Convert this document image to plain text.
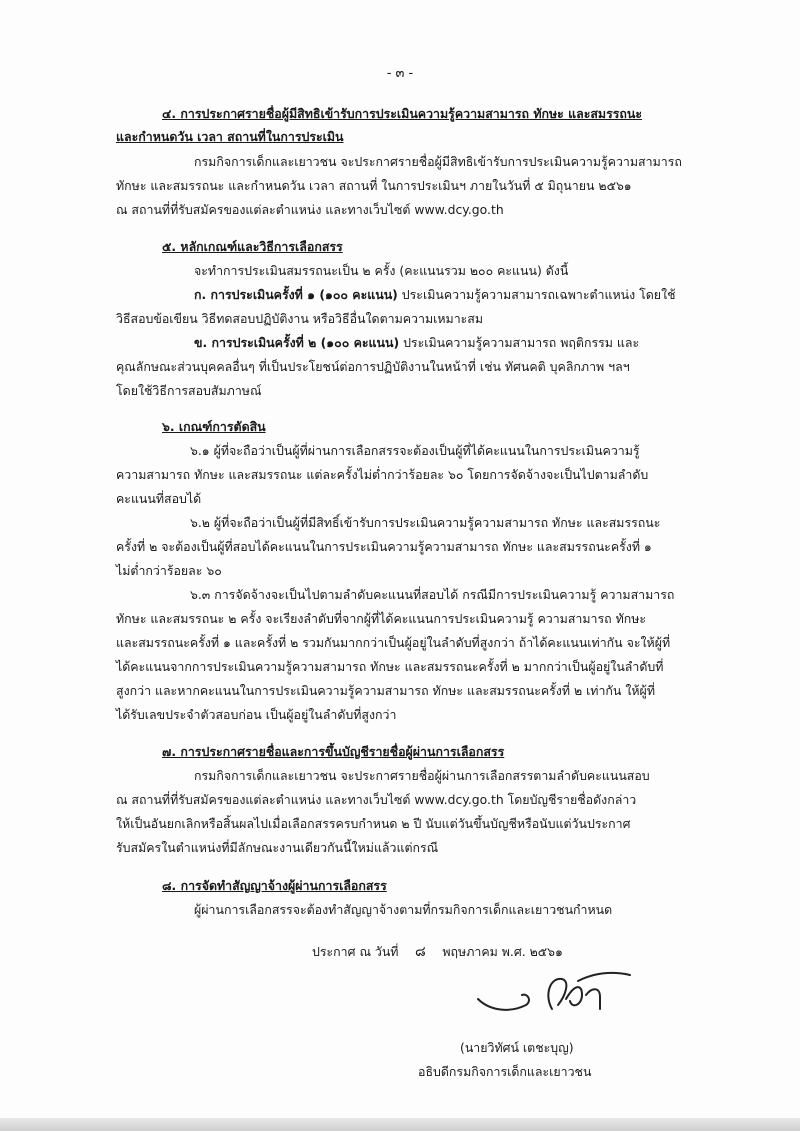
- ๓ -
๔. การประกาศรายชื่อผู้มีสิทธิเข้ารับการประเมินความรู้ความสามารถ ทักษะ และสมรรถนะ
และกำหนดวัน เวลา สถานที่ในการประเมิน
กรมกิจการเด็กและเยาวชน จะประกาศรายชื่อผู้มีสิทธิเข้ารับการประเมินความรู้ความสามารถ
ทักษะ และสมรรถนะ และกำหนดวัน เวลา สถานที่ ในการประเมินฯ ภายในวันที่ ๕ มิถุนายน ๒๕๖๑
ณ สถานที่ที่รับสมัครของแต่ละตำแหน่ง และทางเว็บไซต์ www.dcy.go.th
๕. หลักเกณฑ์และวิธีการเลือกสรร
จะทำการประเมินสมรรถนะเป็น ๒ ครั้ง (คะแนนรวม ๒๐๐ คะแนน) ดังนี้
ก. การประเมินครั้งที่ ๑ (๑๐๐ คะแนน) ประเมินความรู้ความสามารถเฉพาะตำแหน่ง โดยใช้
วิธีสอบข้อเขียน วิธีทดสอบปฏิบัติงาน หรือวิธีอื่นใดตามความเหมาะสม
ข. การประเมินครั้งที่ ๒ (๑๐๐ คะแนน) ประเมินความรู้ความสามารถ พฤติกรรม และ
คุณลักษณะส่วนบุคคลอื่นๆ ที่เป็นประโยชน์ต่อการปฏิบัติงานในหน้าที่ เช่น ทัศนคติ บุคลิกภาพ ฯลฯ
โดยใช้วิธีการสอบสัมภาษณ์
๖. เกณฑ์การตัดสิน
๖.๑ ผู้ที่จะถือว่าเป็นผู้ที่ผ่านการเลือกสรรจะต้องเป็นผู้ที่ได้คะแนนในการประเมินความรู้
ความสามารถ ทักษะ และสมรรถนะ แต่ละครั้งไม่ต่ำกว่าร้อยละ ๖๐ โดยการจัดจ้างจะเป็นไปตามลำดับ
คะแนนที่สอบได้
๖.๒ ผู้ที่จะถือว่าเป็นผู้ที่มีสิทธิ์เข้ารับการประเมินความรู้ความสามารถ ทักษะ และสมรรถนะ
ครั้งที่ ๒ จะต้องเป็นผู้ที่สอบได้คะแนนในการประเมินความรู้ความสามารถ ทักษะ และสมรรถนะครั้งที่ ๑
ไม่ต่ำกว่าร้อยละ ๖๐
๖.๓ การจัดจ้างจะเป็นไปตามลำดับคะแนนที่สอบได้ กรณีมีการประเมินความรู้ ความสามารถ
ทักษะ และสมรรถนะ ๒ ครั้ง จะเรียงลำดับที่จากผู้ที่ได้คะแนนการประเมินความรู้ ความสามารถ ทักษะ
และสมรรถนะครั้งที่ ๑ และครั้งที่ ๒ รวมกันมากกว่าเป็นผู้อยู่ในลำดับที่สูงกว่า ถ้าได้คะแนนเท่ากัน จะให้ผู้ที่
ได้คะแนนจากการประเมินความรู้ความสามารถ ทักษะ และสมรรถนะครั้งที่ ๒ มากกว่าเป็นผู้อยู่ในลำดับที่
สูงกว่า และหากคะแนนในการประเมินความรู้ความสามารถ ทักษะ และสมรรถนะครั้งที่ ๒ เท่ากัน ให้ผู้ที่
ได้รับเลขประจำตัวสอบก่อน เป็นผู้อยู่ในลำดับที่สูงกว่า
๗. การประกาศรายชื่อและการขึ้นบัญชีรายชื่อผู้ผ่านการเลือกสรร
กรมกิจการเด็กและเยาวชน จะประกาศรายชื่อผู้ผ่านการเลือกสรรตามลำดับคะแนนสอบ
ณ สถานที่ที่รับสมัครของแต่ละตำแหน่ง และทางเว็บไซต์ www.dcy.go.th โดยบัญชีรายชื่อดังกล่าว
ให้เป็นอันยกเลิกหรือสิ้นผลไปเมื่อเลือกสรรครบกำหนด ๒ ปี นับแต่วันขึ้นบัญชีหรือนับแต่วันประกาศ
รับสมัครในตำแหน่งที่มีลักษณะงานเดียวกันนี้ใหม่แล้วแต่กรณี
๘. การจัดทำสัญญาจ้างผู้ผ่านการเลือกสรร
ผู้ผ่านการเลือกสรรจะต้องทำสัญญาจ้างตามที่กรมกิจการเด็กและเยาวชนกำหนด
ประกาศ ณ วันที่ ๘ พฤษภาคม พ.ศ. ๒๕๖๑
(นายวิทัศน์ เตชะบุญ)
อธิบดีกรมกิจการเด็กและเยาวชน
